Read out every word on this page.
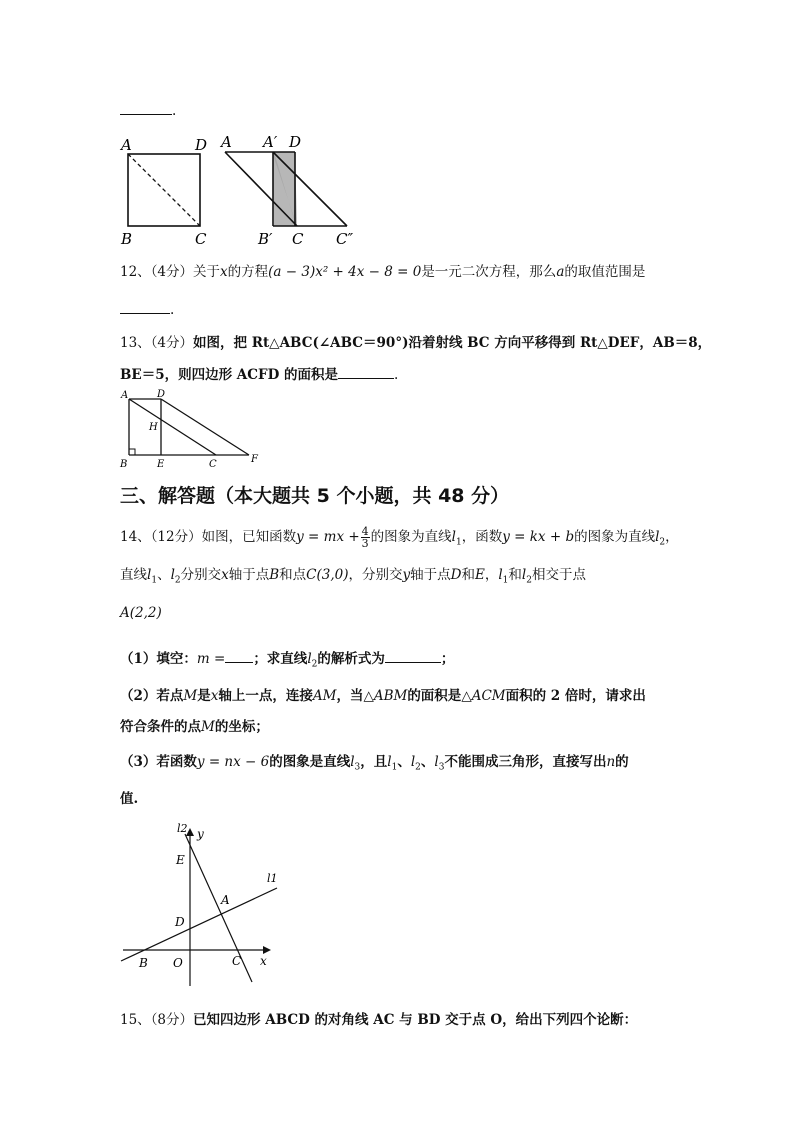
.
A	D
B	C
A A′ D
B′ C C″
12、（4分）关于x的方程(a − 3)x² + 4x − 8 = 0是一元二次方程，那么a的取值范围是
.
13、（4分）如图，把 Rt△ABC(∠ABC＝90°)沿着射线 BC 方向平移得到 Rt△DEF，AB＝8，
BE＝5，则四边形 ACFD 的面积是	.
A	D
H
B	E	C	F
三、解答题（本大题共 5 个小题，共 48 分）
14、（12分）如图，已知函数y = mx + $\frac{4}{3}$ 的图象为直线$l_1$，函数y = kx + b的图象为直线$l_2$，
直线$l_1$、$l_2$分别交x轴于点B和点C(3,0)，分别交y轴于点D和E，$l_1$和$l_2$相交于点
A(2,2)
（1）填空：m = ；求直线$l_2$的解析式为	；
（2）若点M是x轴上一点，连接AM，当△ABM的面积是△ACM面积的 2 倍时，请求出
符合条件的点M的坐标；
（3）若函数y = nx − 6的图象是直线$l_3$，且$l_1$、$l_2$、$l_3$不能围成三角形，直接写出n的
值.
l2 y
E
l1
A
D
B O	C x
15、（8分）已知四边形 ABCD 的对角线 AC 与 BD 交于点 O，给出下列四个论断：
